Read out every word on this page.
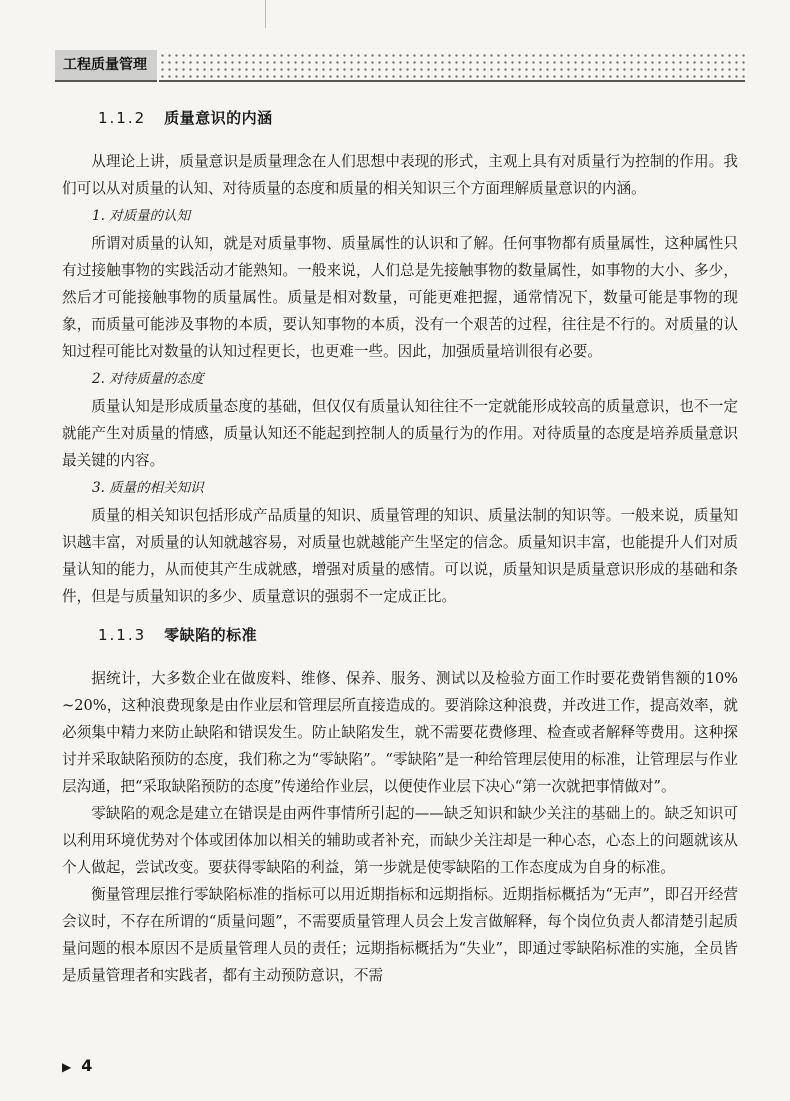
工程质量管理
1.1.2 质量意识的内涵

从理论上讲，质量意识是质量理念在人们思想中表现的形式，主观上具有对质量行为控制的作用。我们可以从对质量的认知、对待质量的态度和质量的相关知识三个方面理解质量意识的内涵。

1. 对质量的认知

所谓对质量的认知，就是对质量事物、质量属性的认识和了解。任何事物都有质量属性，这种属性只有过接触事物的实践活动才能熟知。一般来说，人们总是先接触事物的数量属性，如事物的大小、多少，然后才可能接触事物的质量属性。质量是相对数量，可能更难把握，通常情况下，数量可能是事物的现象，而质量可能涉及事物的本质，要认知事物的本质，没有一个艰苦的过程，往往是不行的。对质量的认知过程可能比对数量的认知过程更长，也更难一些。因此，加强质量培训很有必要。

2. 对待质量的态度

质量认知是形成质量态度的基础，但仅仅有质量认知往往不一定就能形成较高的质量意识，也不一定就能产生对质量的情感，质量认知还不能起到控制人的质量行为的作用。对待质量的态度是培养质量意识最关键的内容。

3. 质量的相关知识

质量的相关知识包括形成产品质量的知识、质量管理的知识、质量法制的知识等。一般来说，质量知识越丰富，对质量的认知就越容易，对质量也就越能产生坚定的信念。质量知识丰富，也能提升人们对质量认知的能力，从而使其产生成就感，增强对质量的感情。可以说，质量知识是质量意识形成的基础和条件，但是与质量知识的多少、质量意识的强弱不一定成正比。

1.1.3 零缺陷的标准

据统计，大多数企业在做废料、维修、保养、服务、测试以及检验方面工作时要花费销售额的10% ~20%，这种浪费现象是由作业层和管理层所直接造成的。要消除这种浪费，并改进工作，提高效率，就必须集中精力来防止缺陷和错误发生。防止缺陷发生，就不需要花费修理、检查或者解释等费用。这种探讨并采取缺陷预防的态度，我们称之为“零缺陷”。“零缺陷”是一种给管理层使用的标准，让管理层与作业层沟通，把“采取缺陷预防的态度”传递给作业层，以便使作业层下决心“第一次就把事情做对”。

零缺陷的观念是建立在错误是由两件事情所引起的——缺乏知识和缺少关注的基础上的。缺乏知识可以利用环境优势对个体或团体加以相关的辅助或者补充，而缺少关注却是一种心态，心态上的问题就该从个人做起，尝试改变。要获得零缺陷的利益，第一步就是使零缺陷的工作态度成为自身的标准。

衡量管理层推行零缺陷标准的指标可以用近期指标和远期指标。近期指标概括为“无声”，即召开经营会议时，不存在所谓的“质量问题”，不需要质量管理人员会上发言做解释，每个岗位负责人都清楚引起质量问题的根本原因不是质量管理人员的责任；远期指标概括为“失业”，即通过零缺陷标准的实施，全员皆是质量管理者和实践者，都有主动预防意识，不需

▶ 4
